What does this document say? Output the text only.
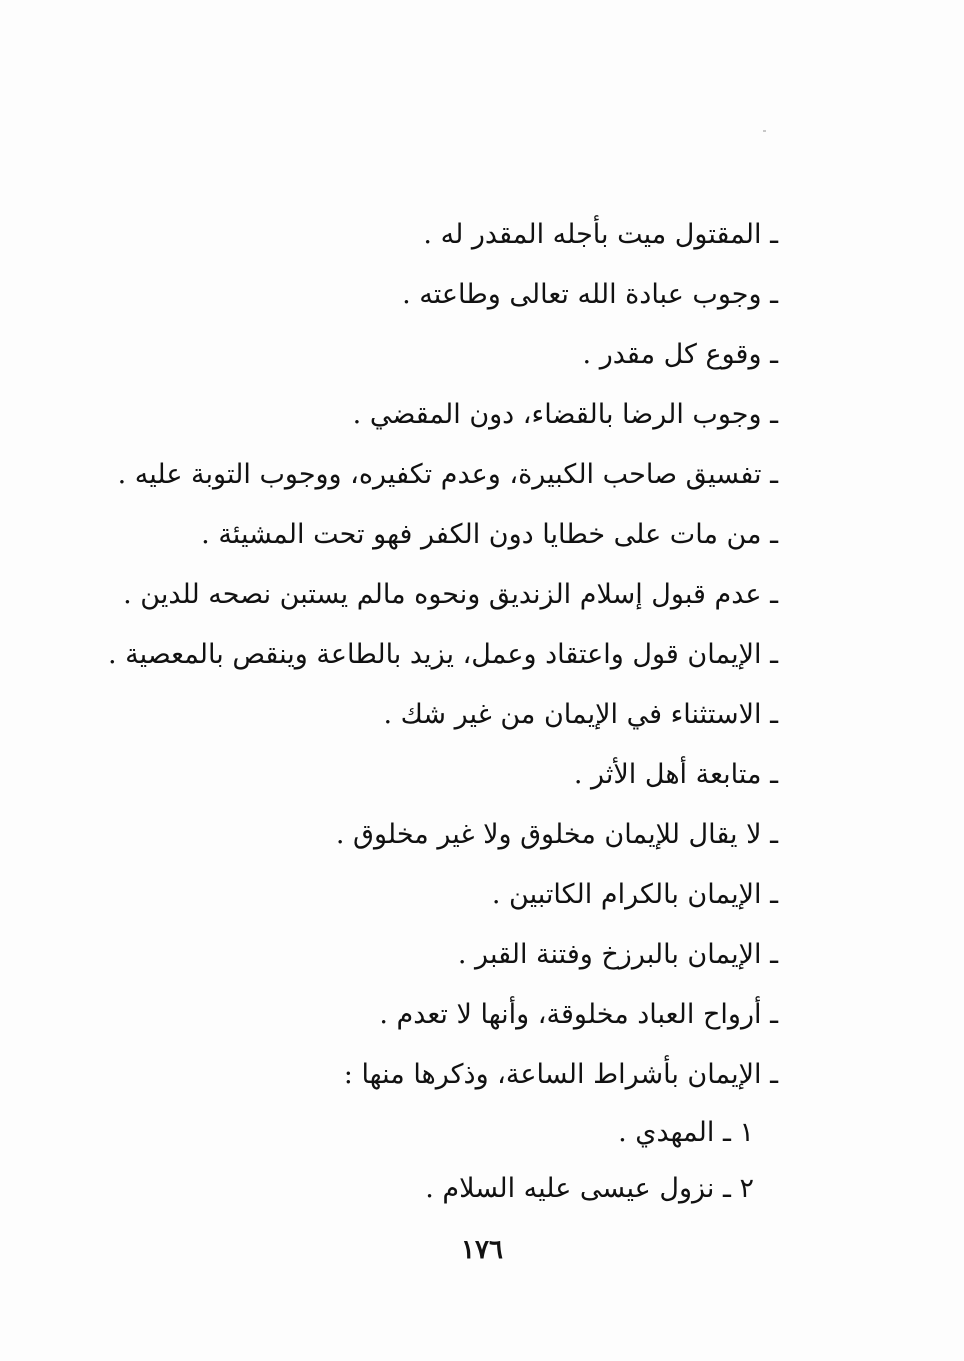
ـ المقتول ميت بأجله المقدر له .
ـ وجوب عبادة الله تعالى وطاعته .
ـ وقوع كل مقدر .
ـ وجوب الرضا بالقضاء، دون المقضي .
ـ تفسيق صاحب الكبيرة، وعدم تكفيره، ووجوب التوبة عليه .
ـ من مات على خطايا دون الكفر فهو تحت المشيئة .
ـ عدم قبول إسلام الزنديق ونحوه مالم يستبن نصحه للدين .
ـ الإيمان قول واعتقاد وعمل، يزيد بالطاعة وينقص بالمعصية .
ـ الاستثناء في الإيمان من غير شك .
ـ متابعة أهل الأثر .
ـ لا يقال للإيمان مخلوق ولا غير مخلوق .
ـ الإيمان بالكرام الكاتبين .
ـ الإيمان بالبرزخ وفتنة القبر .
ـ أرواح العباد مخلوقة، وأنها لا تعدم .
ـ الإيمان بأشراط الساعة، وذكرها منها :
١ ـ المهدي .
٢ ـ نزول عيسى عليه السلام .
١٧٦
